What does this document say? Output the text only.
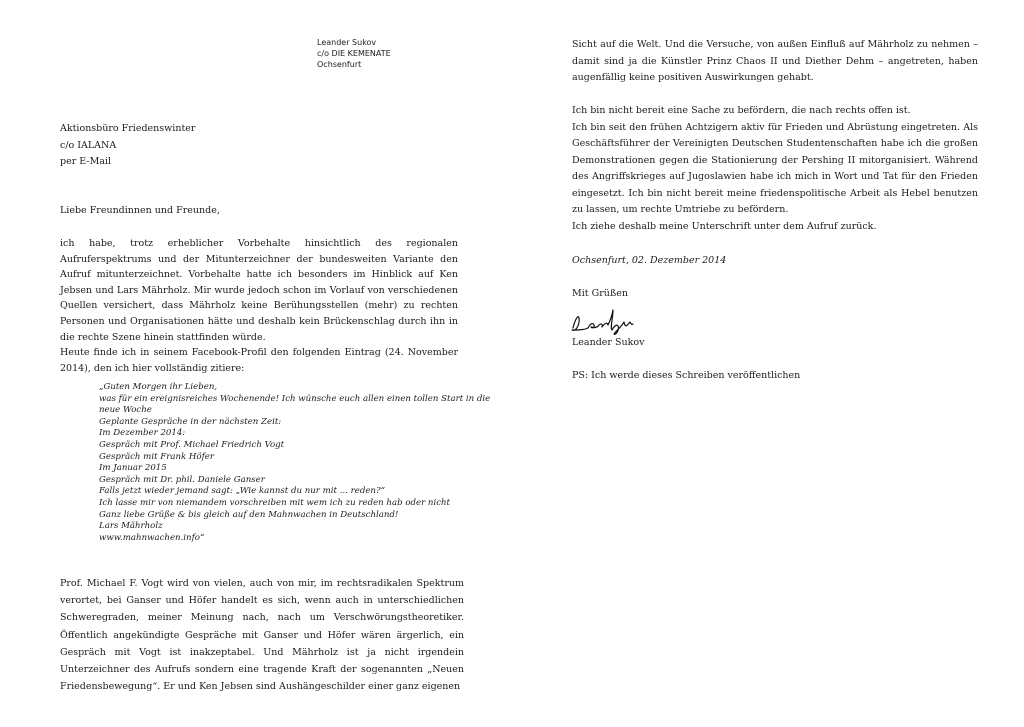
Leander Sukov
c/o DIE KEMENATE
Ochsenfurt
Aktionsbüro Friedenswinter
c/o IALANA
per E-Mail
Liebe Freundinnen und Freunde,
ich habe, trotz erheblicher Vorbehalte hinsichtlich des regionalen Aufruferspektrums und der Mitunterzeichner der bundesweiten Variante den Aufruf mitunterzeichnet. Vorbehalte hatte ich besonders im Hinblick auf Ken Jebsen und Lars Mährholz. Mir wurde jedoch schon im Vorlauf von verschiedenen Quellen versichert, dass Mährholz keine Berühungsstellen (mehr) zu rechten Personen und Organisationen hätte und deshalb kein Brückenschlag durch ihn in die rechte Szene hinein stattfinden würde.
Heute finde ich in seinem Facebook-Profil den folgenden Eintrag (24. November 2014), den ich hier vollständig zitiere:
„Guten Morgen ihr Lieben,
was für ein ereignisreiches Wochenende! Ich wünsche euch allen einen tollen Start in die
neue Woche
Geplante Gespräche in der nächsten Zeit:
Im Dezember 2014:
Gespräch mit Prof. Michael Friedrich Vogt
Gespräch mit Frank Höfer
Im Januar 2015
Gespräch mit Dr. phil. Daniele Ganser
Falls jetzt wieder jemand sagt: „Wie kannst du nur mit ... reden?“
Ich lasse mir von niemandem vorschreiben mit wem ich zu reden hab oder nicht
Ganz liebe Grüße & bis gleich auf den Mahnwachen in Deutschland!
Lars Mährholz
www.mahnwachen.info“

Prof. Michael F. Vogt wird von vielen, auch von mir, im rechtsradikalen Spektrum verortet, bei Ganser und Höfer handelt es sich, wenn auch in unterschiedlichen Schweregraden, meiner Meinung nach, nach um Verschwörungstheoretiker. Öffentlich angekündigte Gespräche mit Ganser und Höfer wären ärgerlich, ein Gespräch mit Vogt ist inakzeptabel. Und Mährholz ist ja nicht irgendein Unterzeichner des Aufrufs sondern eine tragende Kraft der sogenannten „Neuen Friedensbewegung“. Er und Ken Jebsen sind Aushängeschilder einer ganz eigenen

Sicht auf die Welt. Und die Versuche, von außen Einfluß auf Mährholz zu nehmen – damit sind ja die Künstler Prinz Chaos II und Diether Dehm – angetreten, haben augenfällig keine positiven Auswirkungen gehabt.

Ich bin nicht bereit eine Sache zu befördern, die nach rechts offen ist.
Ich bin seit den frühen Achtzigern aktiv für Frieden und Abrüstung eingetreten. Als Geschäftsführer der Vereinigten Deutschen Studentenschaften habe ich die großen Demonstrationen gegen die Stationierung der Pershing II mitorganisiert. Während des Angriffskrieges auf Jugoslawien habe ich mich in Wort und Tat für den Frieden eingesetzt. Ich bin nicht bereit meine friedenspolitische Arbeit als Hebel benutzen zu lassen, um rechte Umtriebe zu befördern.

Ich ziehe deshalb meine Unterschrift unter dem Aufruf zurück.

Ochsenfurt, 02. Dezember 2014

Mit Grüßen

Leander Sukov

PS: Ich werde dieses Schreiben veröffentlichen
